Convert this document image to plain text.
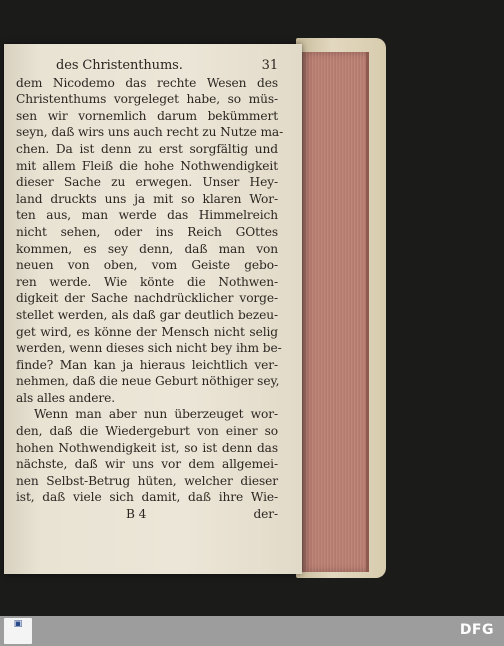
des Christenthums.	31
dem Nicodemo das rechte Wesen des
Christenthums vorgeleget habe, so müs-
sen wir vornemlich darum bekümmert
seyn, daß wirs uns auch recht zu Nutze ma-
chen. Da ist denn zu erst sorgfältig und
mit allem Fleiß die hohe Nothwendigkeit
dieser Sache zu erwegen. Unser Hey-
land druckts uns ja mit so klaren Wor-
ten aus, man werde das Himmelreich
nicht sehen, oder ins Reich GOttes
kommen, es sey denn, daß man von
neuen von oben, vom Geiste gebo-
ren werde. Wie könte die Nothwen-
digkeit der Sache nachdrücklicher vorge-
stellet werden, als daß gar deutlich bezeu-
get wird, es könne der Mensch nicht selig
werden, wenn dieses sich nicht bey ihm be-
finde? Man kan ja hieraus leichtlich ver-
nehmen, daß die neue Geburt nöthiger sey,
als alles andere.
Wenn man aber nun überzeuget wor-
den, daß die Wiedergeburt von einer so
hohen Nothwendigkeit ist, so ist denn das
nächste, daß wir uns vor dem allgemei-
nen Selbst-Betrug hüten, welcher dieser
ist, daß viele sich damit, daß ihre Wie-
B 4	der-
▣	DFG
